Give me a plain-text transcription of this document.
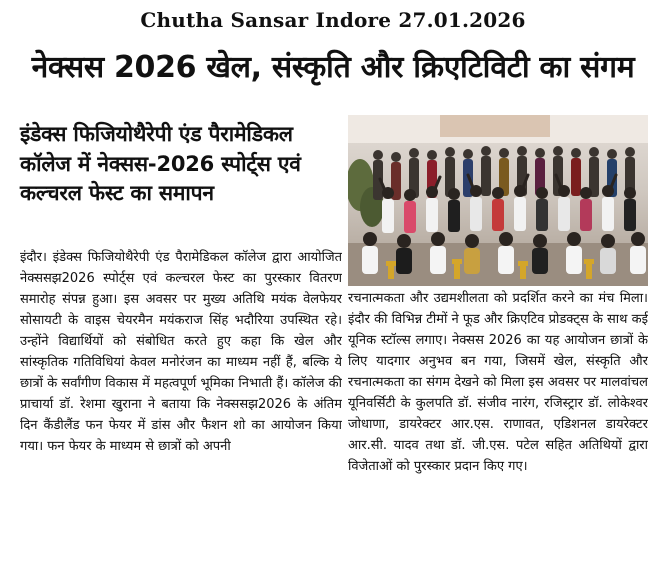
Chutha Sansar Indore 27.01.2026
नेक्सस 2026 खेल, संस्कृति और क्रिएटिविटी का संगम
इंडेक्स फिजियोथैरेपी एंड पैरामेडिकल कॉलेज में नेक्सस-2026 स्पोर्ट्स एवं कल्चरल फेस्ट का समापन
इंदौर। इंडेक्स फिजियोथैरेपी एंड पैरामेडिकल कॉलेज द्वारा आयोजित नेक्ससझ2026 स्पोर्ट्स एवं कल्चरल फेस्ट का पुरस्कार वितरण समारोह संपन्न हुआ। इस अवसर पर मुख्य अतिथि मयंक वेलफेयर सोसायटी के वाइस चेयरमैन मयंकराज सिंह भदौरिया उपस्थित रहे। उन्होंने विद्यार्थियों को संबोधित करते हुए कहा कि खेल और सांस्कृतिक गतिविधियां केवल मनोरंजन का माध्यम नहीं हैं, बल्कि ये छात्रों के सर्वांगीण विकास में महत्वपूर्ण भूमिका निभाती हैं। कॉलेज की प्राचार्या डॉ. रेशमा खुराना ने बताया कि नेक्ससझ2026 के अंतिम दिन कैंडीलैंड फन फेयर में डांस और फैशन शो का आयोजन किया गया। फन फेयर के माध्यम से छात्रों को अपनी
रचनात्मकता और उद्यमशीलता को प्रदर्शित करने का मंच मिला। इंदौर की विभिन्न टीमों ने फूड और क्रिएटिव प्रोडक्ट्स के साथ कई यूनिक स्टॉल्स लगाए। नेक्सस 2026 का यह आयोजन छात्रों के लिए यादगार अनुभव बन गया, जिसमें खेल, संस्कृति और रचनात्मकता का संगम देखने को मिला इस अवसर पर मालवांचल यूनिवर्सिटी के कुलपति डॉ. संजीव नारंग, रजिस्ट्रार डॉ. लोकेश्वर जोधाणा, डायरेक्टर आर.एस. राणावत, एडिशनल डायरेक्टर आर.सी. यादव तथा डॉ. जी.एस. पटेल सहित अतिथियों द्वारा विजेताओं को पुरस्कार प्रदान किए गए।
